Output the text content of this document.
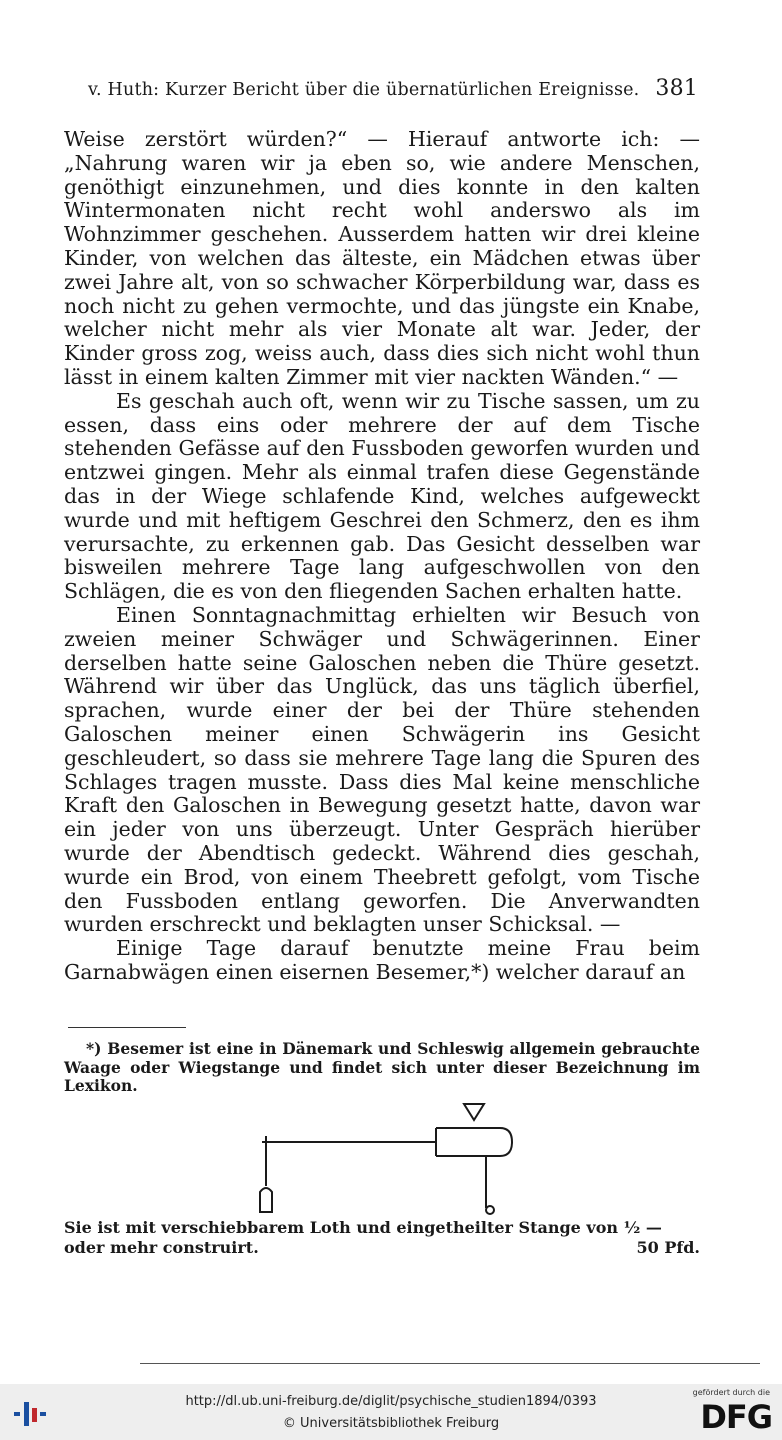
v. Huth: Kurzer Bericht über die übernatürlichen Ereignisse. 381

Weise zerstört würden?“ — Hierauf antworte ich: — „Nahrung waren wir ja eben so, wie andere Menschen, genöthigt einzunehmen, und dies konnte in den kalten Wintermonaten nicht recht wohl anderswo als im Wohnzimmer geschehen. Ausserdem hatten wir drei kleine Kinder, von welchen das älteste, ein Mädchen etwas über zwei Jahre alt, von so schwacher Körperbildung war, dass es noch nicht zu gehen vermochte, und das jüngste ein Knabe, welcher nicht mehr als vier Monate alt war. Jeder, der Kinder gross zog, weiss auch, dass dies sich nicht wohl thun lässt in einem kalten Zimmer mit vier nackten Wänden.“ —

Es geschah auch oft, wenn wir zu Tische sassen, um zu essen, dass eins oder mehrere der auf dem Tische stehenden Gefässe auf den Fussboden geworfen wurden und entzwei gingen. Mehr als einmal trafen diese Gegenstände das in der Wiege schlafende Kind, welches aufgeweckt wurde und mit heftigem Geschrei den Schmerz, den es ihm verursachte, zu erkennen gab. Das Gesicht desselben war bisweilen mehrere Tage lang aufgeschwollen von den Schlägen, die es von den fliegenden Sachen erhalten hatte.

Einen Sonntagnachmittag erhielten wir Besuch von zweien meiner Schwäger und Schwägerinnen. Einer derselben hatte seine Galoschen neben die Thüre gesetzt. Während wir über das Unglück, das uns täglich überfiel, sprachen, wurde einer der bei der Thüre stehenden Galoschen meiner einen Schwägerin ins Gesicht geschleudert, so dass sie mehrere Tage lang die Spuren des Schlages tragen musste. Dass dies Mal keine menschliche Kraft den Galoschen in Bewegung gesetzt hatte, davon war ein jeder von uns überzeugt. Unter Gespräch hierüber wurde der Abendtisch gedeckt. Während dies geschah, wurde ein Brod, von einem Theebrett gefolgt, vom Tische den Fussboden entlang geworfen. Die Anverwandten wurden erschreckt und beklagten unser Schicksal. —

Einige Tage darauf benutzte meine Frau beim Garnabwägen einen eisernen Besemer,*) welcher darauf an

*) Besemer ist eine in Dänemark und Schleswig allgemein gebrauchte Waage oder Wiegstange und findet sich unter dieser Bezeichnung im Lexikon.
Sie ist mit verschiebbarem Loth und eingetheilter Stange von ½ —
50 Pfd.
oder mehr construirt.
http://dl.ub.uni-freiburg.de/diglit/psychische_studien1894/0393
© Universitätsbibliothek Freiburg
gefördert durch die
DFG
